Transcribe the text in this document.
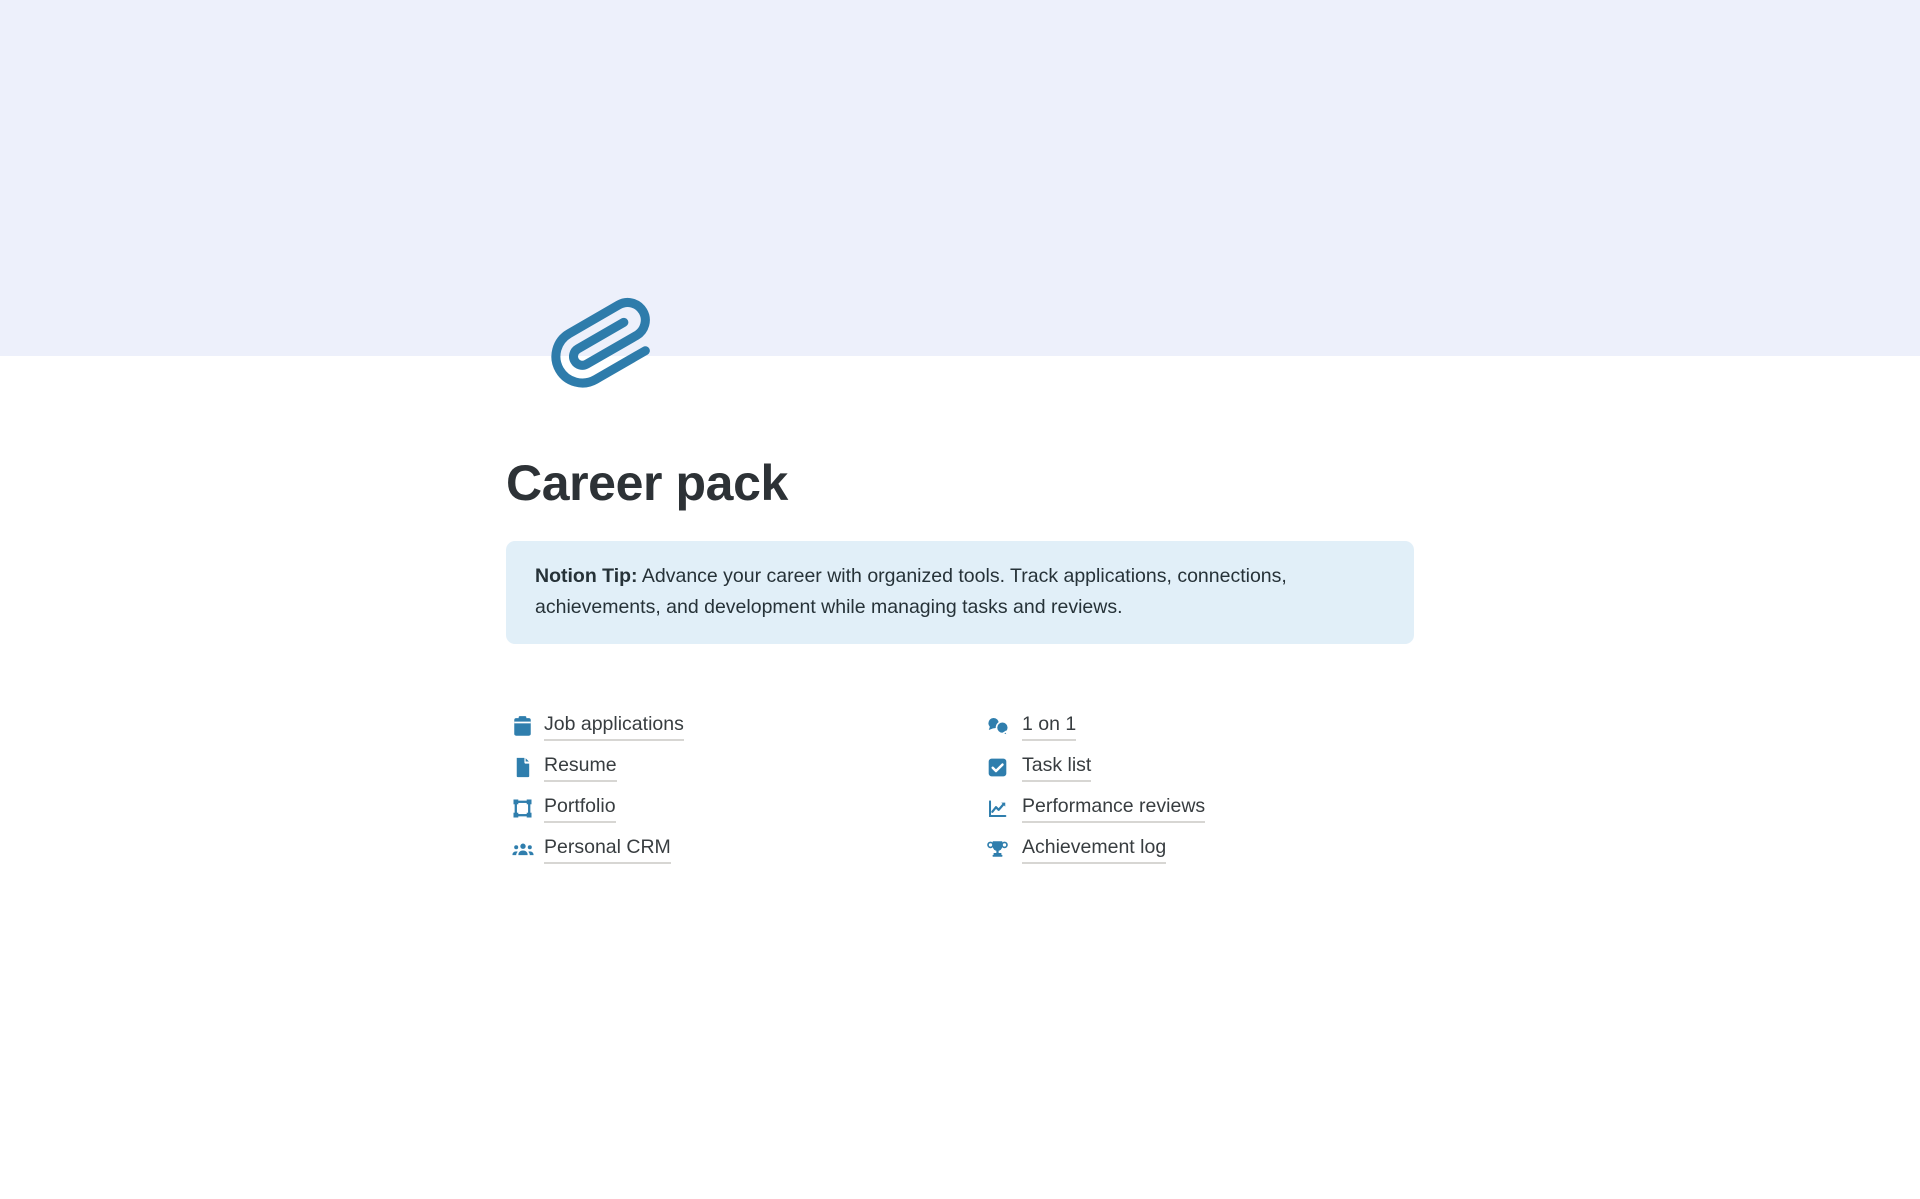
Career pack
Notion Tip: Advance your career with organized tools. Track applications, connections, achievements, and development while managing tasks and reviews.
Job applications
Resume
Portfolio
Personal CRM
1 on 1
Task list
Performance reviews
Achievement log
